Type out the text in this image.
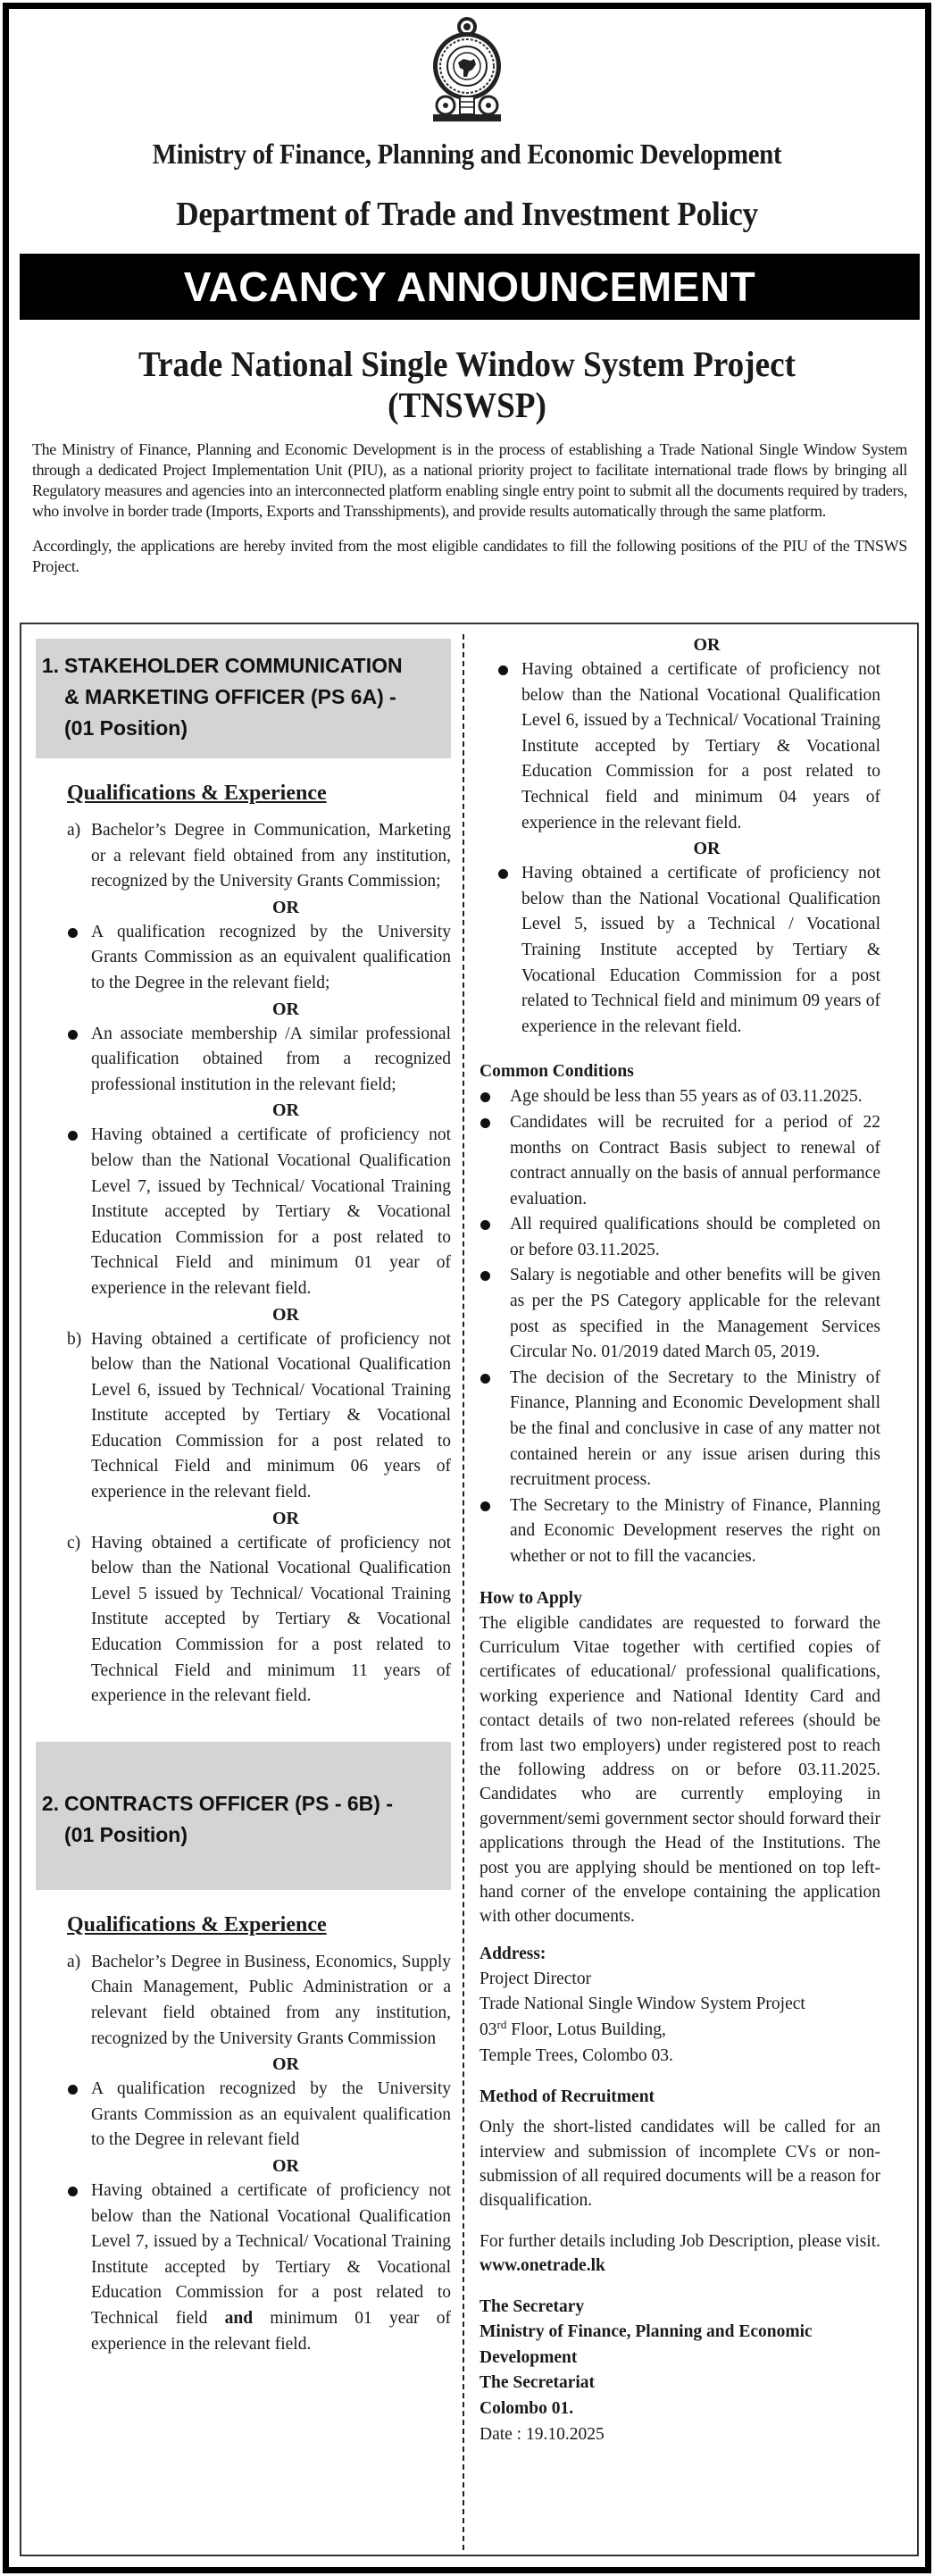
Ministry of Finance, Planning and Economic Development
Department of Trade and Investment Policy
VACANCY ANNOUNCEMENT
Trade National Single Window System Project
(TNSWSP)

The Ministry of Finance, Planning and Economic Development is in the process of establishing a Trade National Single Window System through a dedicated Project Implementation Unit (PIU), as a national priority project to facilitate international trade flows by bringing all Regulatory measures and agencies into an interconnected platform enabling single entry point to submit all the documents required by traders, who involve in border trade (Imports, Exports and Transshipments), and provide results automatically through the same platform.

Accordingly, the applications are hereby invited from the most eligible candidates to fill the following positions of the PIU of the TNSWS Project.

1. STAKEHOLDER COMMUNICATION
& MARKETING OFFICER (PS 6A) -
(01 Position)
Qualifications & Experience
a) Bachelor’s Degree in Communication, Marketing or a relevant field obtained from any institution, recognized by the University Grants Commission;
OR
A qualification recognized by the University Grants Commission as an equivalent qualification to the Degree in the relevant field;
OR
An associate membership /A similar professional qualification obtained from a recognized professional institution in the relevant field;
OR
Having obtained a certificate of proficiency not below than the National Vocational Qualification Level 7, issued by Technical/ Vocational Training Institute accepted by Tertiary & Vocational Education Commission for a post related to Technical Field and minimum 01 year of experience in the relevant field.
OR
b) Having obtained a certificate of proficiency not below than the National Vocational Qualification Level 6, issued by Technical/ Vocational Training Institute accepted by Tertiary & Vocational Education Commission for a post related to Technical Field and minimum 06 years of experience in the relevant field.
OR
c) Having obtained a certificate of proficiency not below than the National Vocational Qualification Level 5 issued by Technical/ Vocational Training Institute accepted by Tertiary & Vocational Education Commission for a post related to Technical Field and minimum 11 years of experience in the relevant field.
2. CONTRACTS OFFICER (PS - 6B) -
(01 Position)
Qualifications & Experience
a) Bachelor’s Degree in Business, Economics, Supply Chain Management, Public Administration or a relevant field obtained from any institution, recognized by the University Grants Commission
OR
A qualification recognized by the University Grants Commission as an equivalent qualification to the Degree in relevant field
OR
Having obtained a certificate of proficiency not below than the National Vocational Qualification Level 7, issued by a Technical/ Vocational Training Institute accepted by Tertiary & Vocational Education Commission for a post related to Technical field and minimum 01 year of experience in the relevant field.
OR
Having obtained a certificate of proficiency not below than the National Vocational Qualification Level 6, issued by a Technical/ Vocational Training Institute accepted by Tertiary & Vocational Education Commission for a post related to Technical field and minimum 04 years of experience in the relevant field.
OR
Having obtained a certificate of proficiency not below than the National Vocational Qualification Level 5, issued by a Technical / Vocational Training Institute accepted by Tertiary & Vocational Education Commission for a post related to Technical field and minimum 09 years of experience in the relevant field.
Common Conditions
Age should be less than 55 years as of 03.11.2025.
Candidates will be recruited for a period of 22 months on Contract Basis subject to renewal of contract annually on the basis of annual performance evaluation.
All required qualifications should be completed on or before 03.11.2025.
Salary is negotiable and other benefits will be given as per the PS Category applicable for the relevant post as specified in the Management Services Circular No. 01/2019 dated March 05, 2019.
The decision of the Secretary to the Ministry of Finance, Planning and Economic Development shall be the final and conclusive in case of any matter not contained herein or any issue arisen during this recruitment process.
The Secretary to the Ministry of Finance, Planning and Economic Development reserves the right on whether or not to fill the vacancies.
How to Apply
The eligible candidates are requested to forward the Curriculum Vitae together with certified copies of certificates of educational/ professional qualifications, working experience and National Identity Card and contact details of two non-related referees (should be from last two employers) under registered post to reach the following address on or before 03.11.2025. Candidates who are currently employing in government/semi government sector should forward their applications through the Head of the Institutions. The post you are applying should be mentioned on top left-hand corner of the envelope containing the application with other documents.
Address:
Project Director
Trade National Single Window System Project
03rd Floor, Lotus Building,
Temple Trees, Colombo 03.
Method of Recruitment
Only the short-listed candidates will be called for an interview and submission of incomplete CVs or non-submission of all required documents will be a reason for disqualification.
For further details including Job Description, please visit. www.onetrade.lk
The Secretary
Ministry of Finance, Planning and Economic Development
The Secretariat
Colombo 01.
Date : 19.10.2025
